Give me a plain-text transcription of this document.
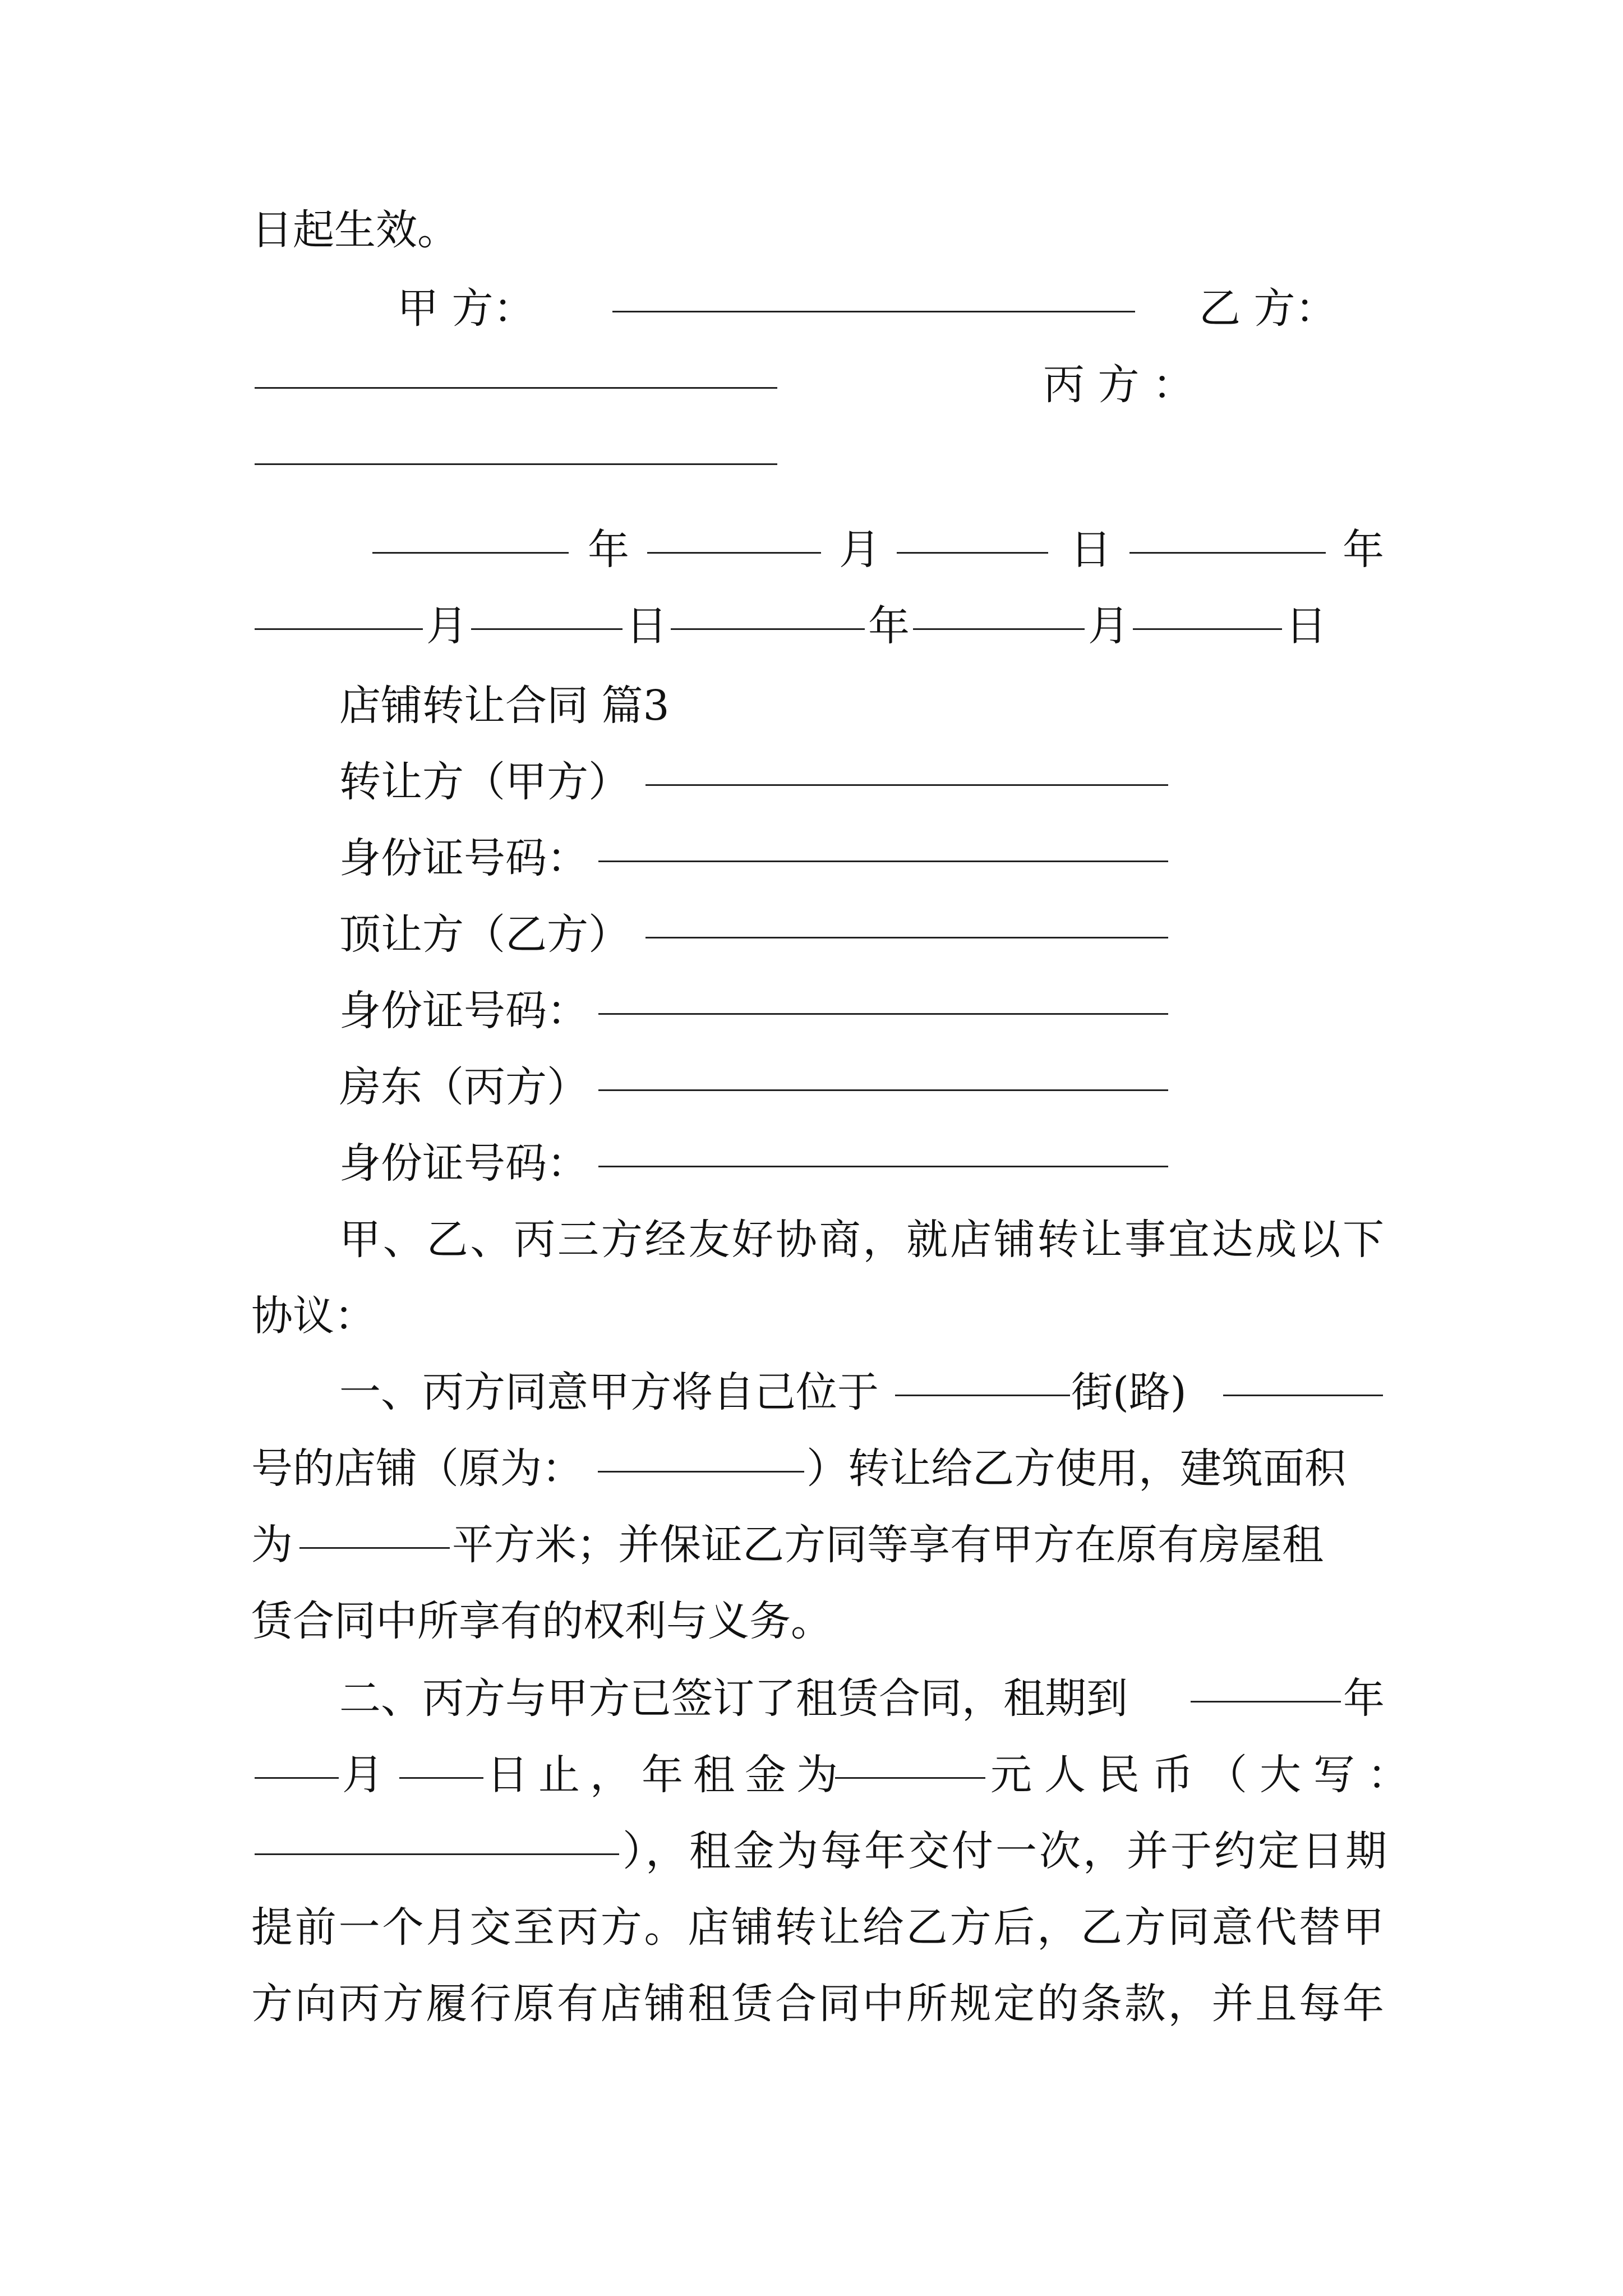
日起生效。
甲 方：	乙 方：
丙 方 ：
年	月	日	年
月	日	年	月	日
店铺转让合同 篇3
转让方（甲方）
身份证号码：
顶让方（乙方）
身份证号码：
房东（丙方）
身份证号码：
甲、乙、丙三方经友好协商，就店铺转让事宜达成以下
协议：
一、丙方同意甲方将自己位于	街(路)
号的店铺（原为：	）转让给乙方使用，建筑面积
为	平方米；并保证乙方同等享有甲方在原有房屋租
赁合同中所享有的权利与义务。
二、丙方与甲方已签订了租赁合同，租期到	年
月 日止，年租金为	元人民币（大写：
），租金为每年交付一次，并于约定日期
提前一个月交至丙方。店铺转让给乙方后，乙方同意代替甲
方向丙方履行原有店铺租赁合同中所规定的条款，并且每年
